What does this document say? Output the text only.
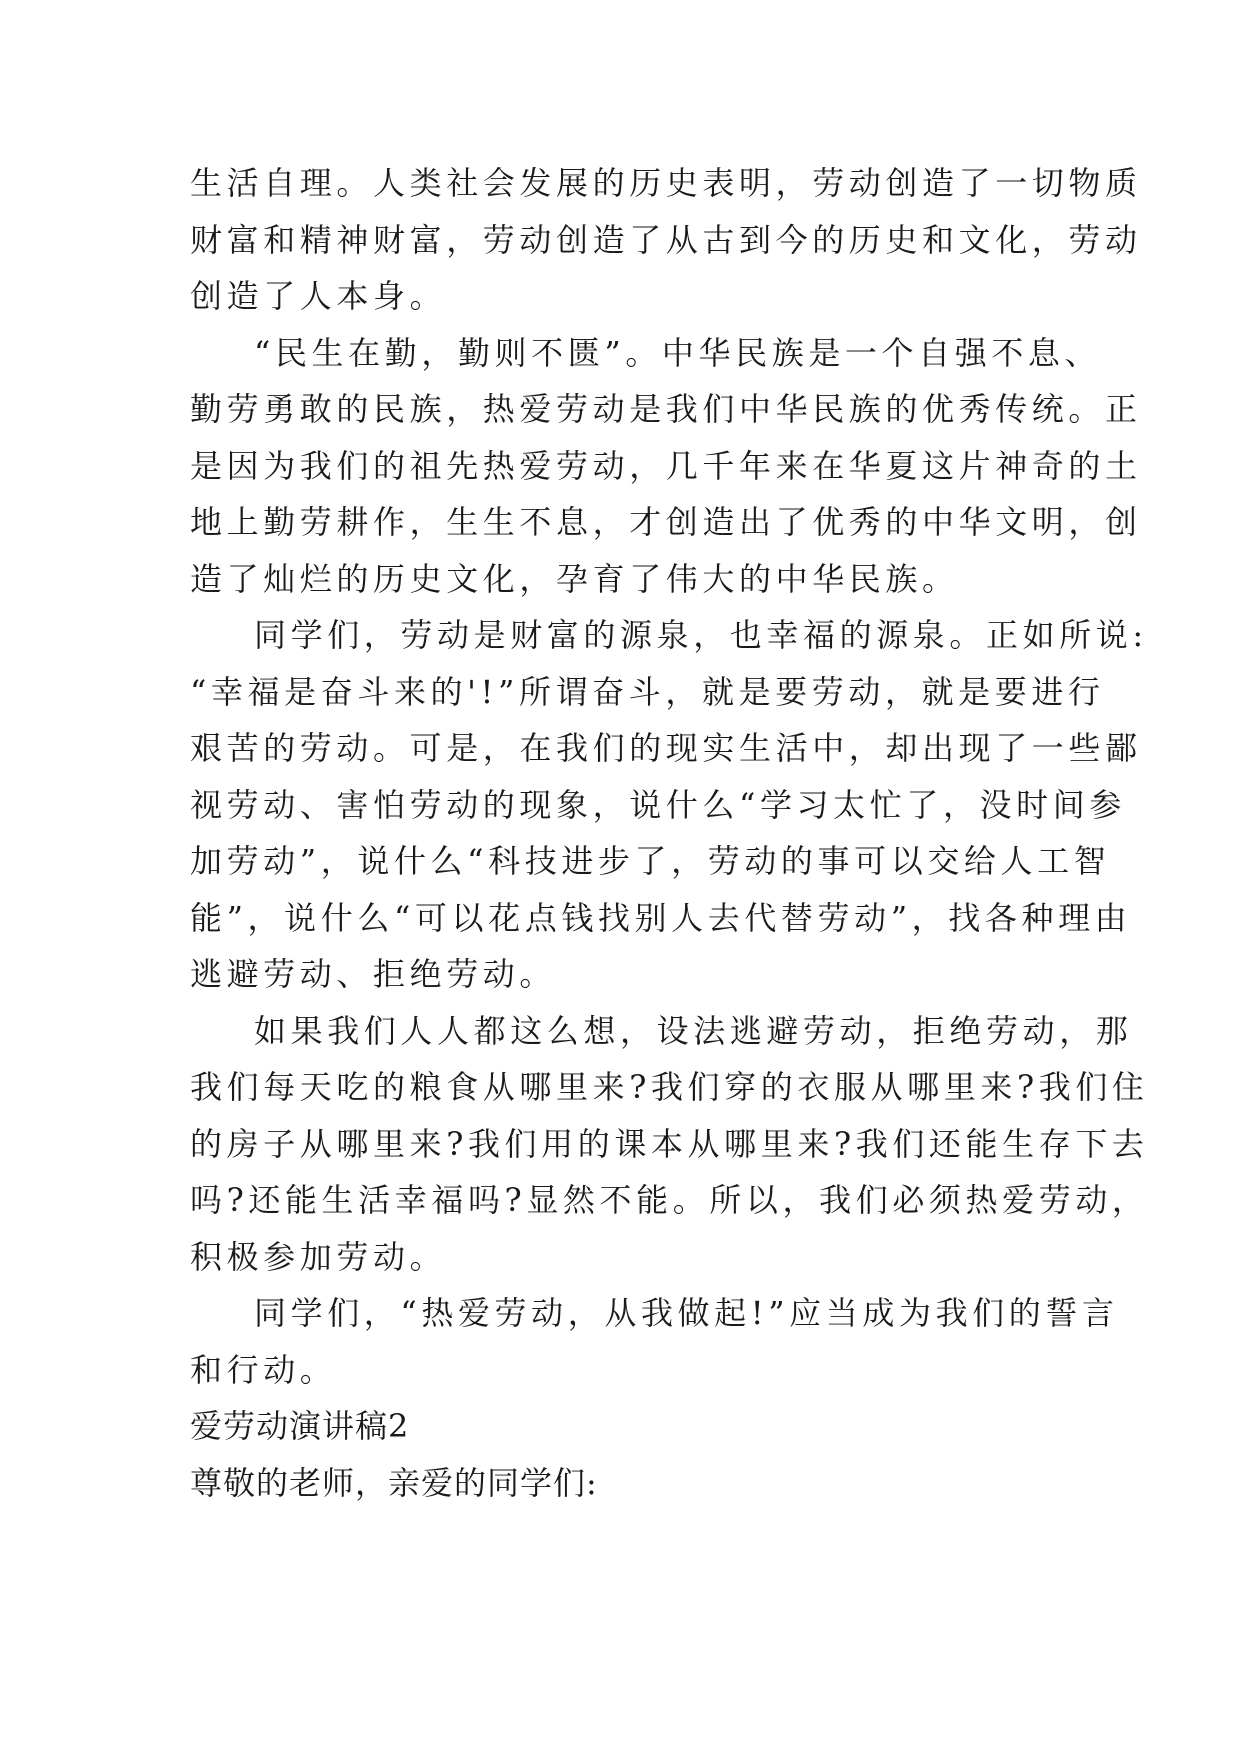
生活自理。人类社会发展的历史表明，劳动创造了一切物质
财富和精神财富，劳动创造了从古到今的历史和文化，劳动
创造了人本身。
“民生在勤，勤则不匮”。中华民族是一个自强不息、
勤劳勇敢的民族，热爱劳动是我们中华民族的优秀传统。正
是因为我们的祖先热爱劳动，几千年来在华夏这片神奇的土
地上勤劳耕作，生生不息，才创造出了优秀的中华文明，创
造了灿烂的历史文化，孕育了伟大的中华民族。
同学们，劳动是财富的源泉，也幸福的源泉。正如所说:
“幸福是奋斗来的'!”所谓奋斗，就是要劳动，就是要进行
艰苦的劳动。可是，在我们的现实生活中，却出现了一些鄙
视劳动、害怕劳动的现象，说什么“学习太忙了，没时间参
加劳动”，说什么“科技进步了，劳动的事可以交给人工智
能”，说什么“可以花点钱找别人去代替劳动”，找各种理由
逃避劳动、拒绝劳动。
如果我们人人都这么想，设法逃避劳动，拒绝劳动，那
我们每天吃的粮食从哪里来?我们穿的衣服从哪里来?我们住
的房子从哪里来?我们用的课本从哪里来?我们还能生存下去
吗?还能生活幸福吗?显然不能。所以，我们必须热爱劳动，
积极参加劳动。
同学们，“热爱劳动，从我做起!”应当成为我们的誓言
和行动。
爱劳动演讲稿2
尊敬的老师，亲爱的同学们:
